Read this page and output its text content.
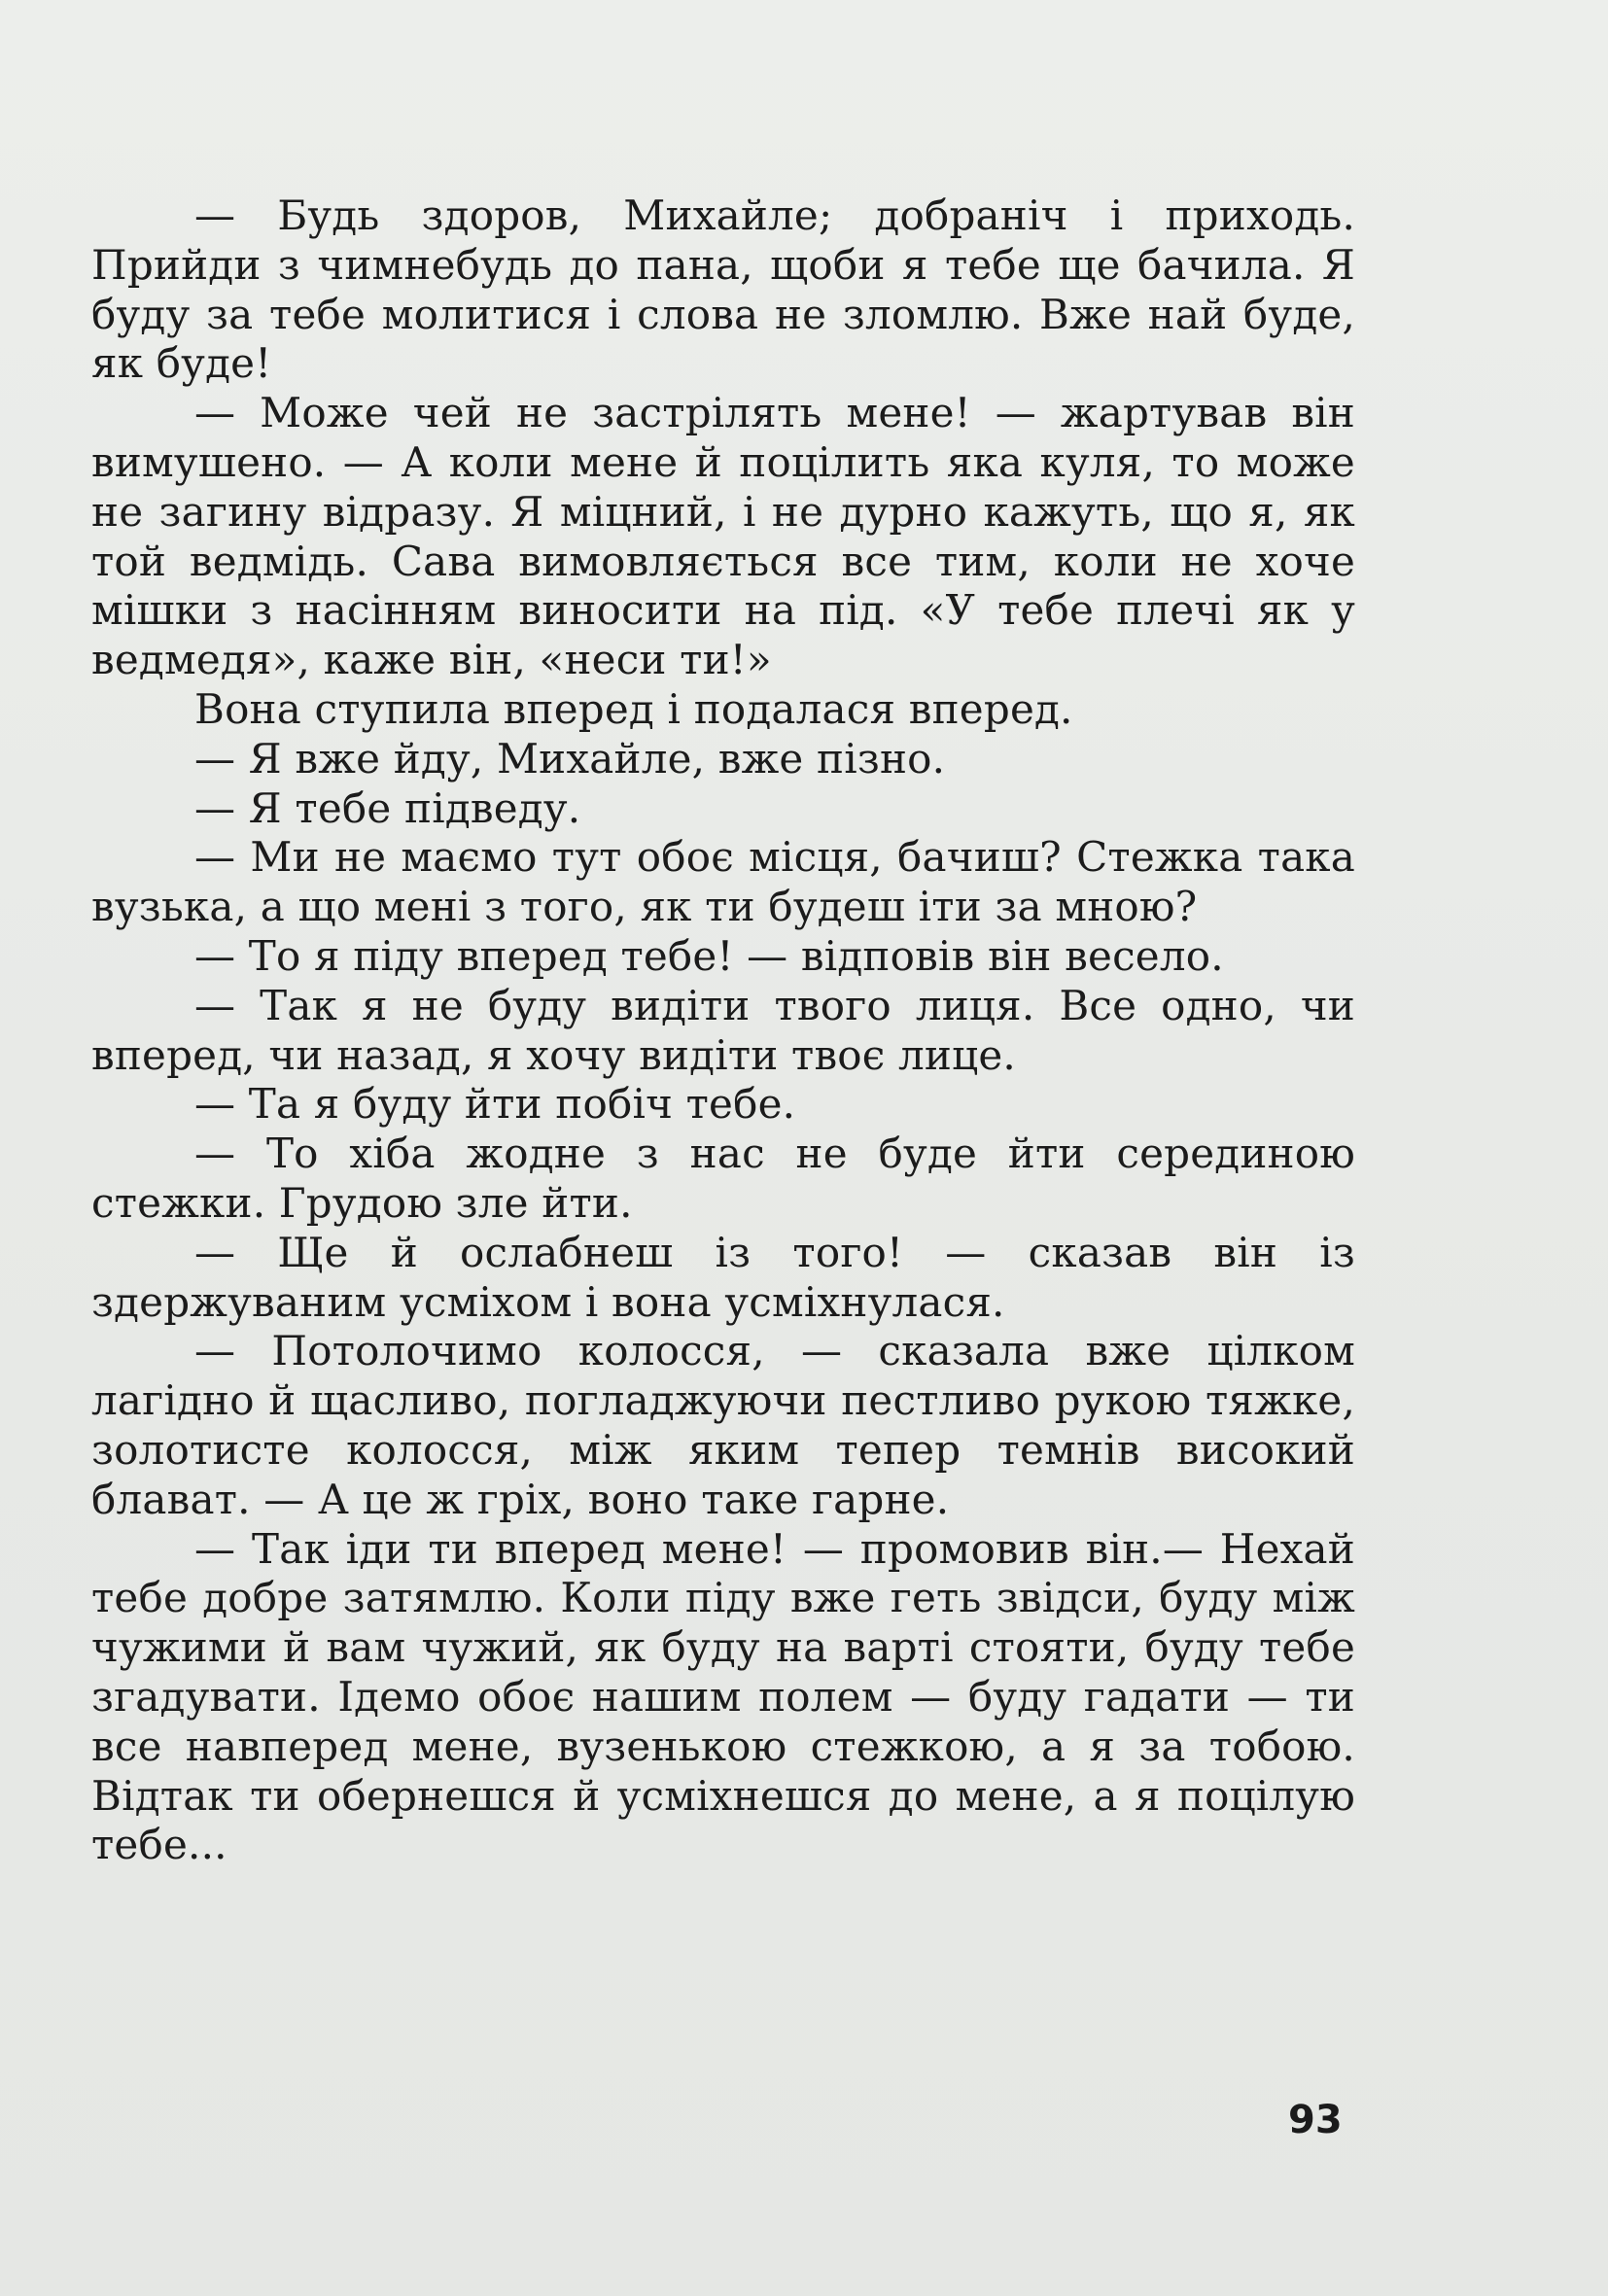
— Будь здоров, Михайле; добраніч і приходь. Прийди з чимнебудь до пана, щоби я тебе ще бачила. Я буду за тебе молитися і слова не зломлю. Вже най буде, як буде!

— Може чей не застрілять мене! — жартував він вимушено. — А коли мене й поцілить яка куля, то може не загину відразу. Я міцний, і не дурно кажуть, що я, як той ведмідь. Сава вимовляється все тим, коли не хоче мішки з насінням виносити на під. «У тебе плечі як у ведмедя», каже він, «неси ти!»

Вона ступила вперед і подалася вперед.

— Я вже йду, Михайле, вже пізно.

— Я тебе підведу.

— Ми не маємо тут обоє місця, бачиш? Стежка така вузька, а що мені з того, як ти будеш іти за мною?

— То я піду вперед тебе! — відповів він весело.

— Так я не буду видіти твого лиця. Все одно, чи вперед, чи назад, я хочу видіти твоє лице.

— Та я буду йти побіч тебе.

— То хіба жодне з нас не буде йти серединою стежки. Грудою зле йти.

— Ще й ослабнеш із того! — сказав він із здержуваним усміхом і вона усміхнулася.

— Потолочимо колосся, — сказала вже цілком лагідно й щасливо, погладжуючи пестливо рукою тяжке, золотисте колосся, між яким тепер темнів високий блават. — А це ж гріх, воно таке гарне.

— Так іди ти вперед мене! — промовив він.— Нехай тебе добре затямлю. Коли піду вже геть звідси, буду між чужими й вам чужий, як буду на варті стояти, буду тебе згадувати. Ідемо обоє нашим полем — буду гадати — ти все навперед мене, вузенькою стежкою, а я за тобою. Відтак ти обернешся й усміхнешся до мене, а я поцілую тебе...

93
